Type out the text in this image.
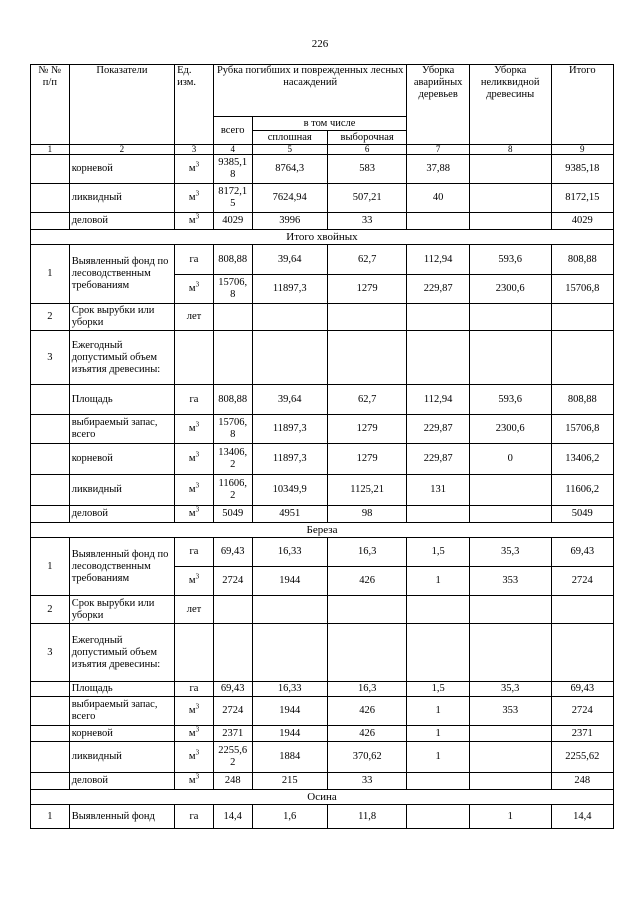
226
№ № п/п	Показатели	Ед. изм.	Рубка погибших и поврежденных лесных насаждений			Уборка аварийных деревьев	Уборка неликвидной древесины	Итого
			всего	в том числе				
				сплошная	выборочная			
1	2	3	4	5	6	7	8	9
	корневой	$м^3$	9385,18	8764,3	583	37,88		9385,18
	ликвидный	$м^3$	8172,15	7624,94	507,21	40		8172,15
	деловой	$м^3$	4029	3996	33			4029
Итого хвойных								
1	Выявленный фонд по лесоводственным требованиям	га	808,88	39,64	62,7	112,94	593,6	808,88
		$м^3$	15706,8	11897,3	1279	229,87	2300,6	15706,8
2	Срок вырубки или уборки	лет						
3	Ежегодный допустимый объем изъятия древесины:							
	Площадь	га	808,88	39,64	62,7	112,94	593,6	808,88
	выбираемый запас, всего	$м^3$	15706,8	11897,3	1279	229,87	2300,6	15706,8
	корневой	$м^3$	13406,2	11897,3	1279	229,87	0	13406,2
	ликвидный	$м^3$	11606,2	10349,9	1125,21	131		11606,2
	деловой	$м^3$	5049	4951	98			5049
Береза								
1	Выявленный фонд по лесоводственным требованиям	га	69,43	16,33	16,3	1,5	35,3	69,43
		$м^3$	2724	1944	426	1	353	2724
2	Срок вырубки или уборки	лет						
3	Ежегодный допустимый объем изъятия древесины:							
	Площадь	га	69,43	16,33	16,3	1,5	35,3	69,43
	выбираемый запас, всего	$м^3$	2724	1944	426	1	353	2724
	корневой	$м^3$	2371	1944	426	1		2371
	ликвидный	$м^3$	2255,62	1884	370,62	1		2255,62
	деловой	$м^3$	248	215	33			248
Осина								
1	Выявленный фонд	га	14,4	1,6	11,8		1	14,4
